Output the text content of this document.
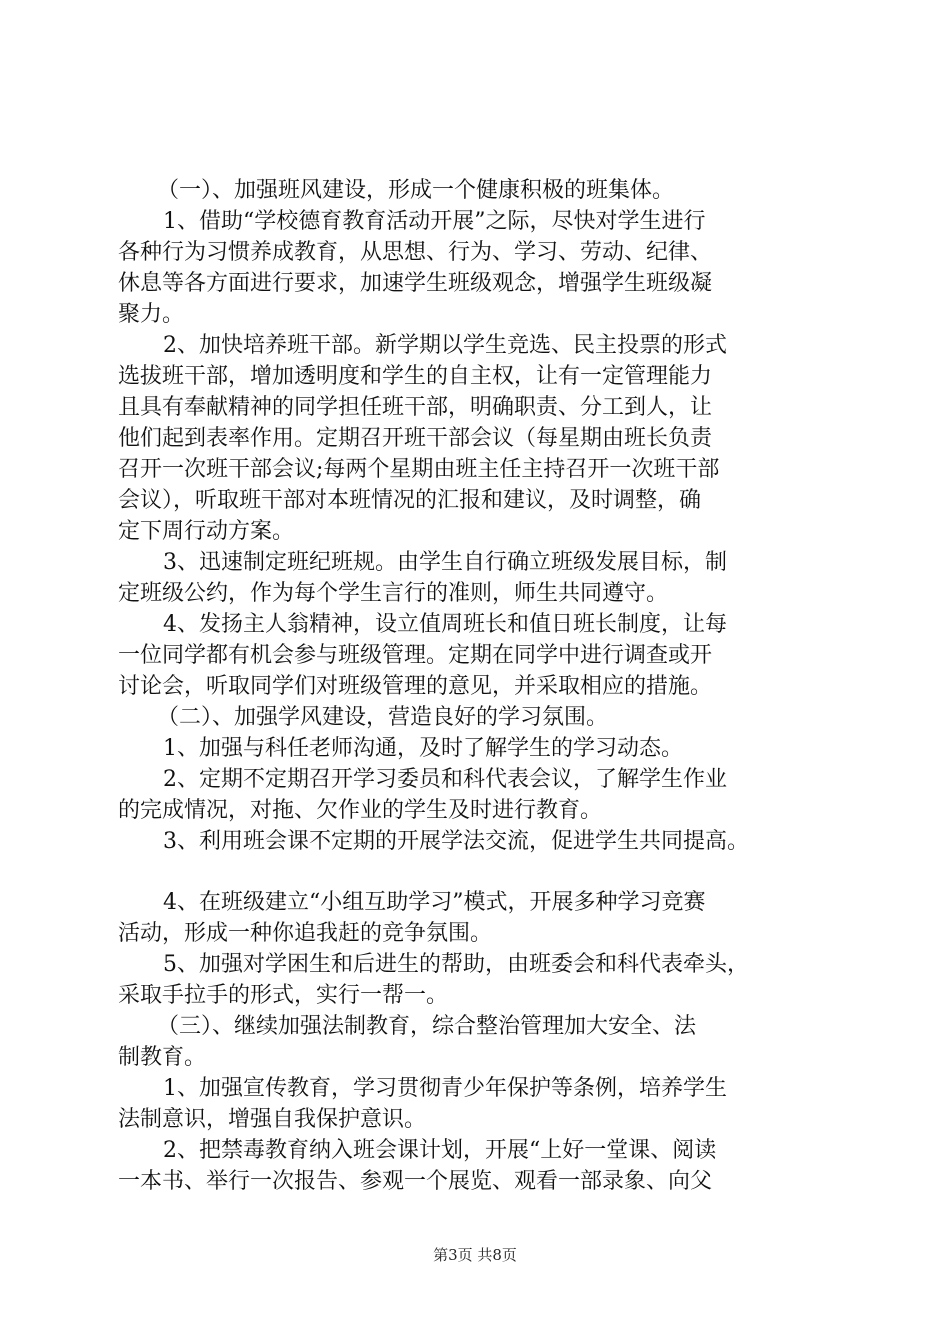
（一）、加强班风建设，形成一个健康积极的班集体。
1、借助“学校德育教育活动开展”之际，尽快对学生进行
各种行为习惯养成教育，从思想、行为、学习、劳动、纪律、
休息等各方面进行要求，加速学生班级观念，增强学生班级凝
聚力。
2、加快培养班干部。新学期以学生竞选、民主投票的形式
选拔班干部，增加透明度和学生的自主权，让有一定管理能力
且具有奉献精神的同学担任班干部，明确职责、分工到人，让
他们起到表率作用。定期召开班干部会议（每星期由班长负责
召开一次班干部会议;每两个星期由班主任主持召开一次班干部
会议），听取班干部对本班情况的汇报和建议，及时调整，确
定下周行动方案。
3、迅速制定班纪班规。由学生自行确立班级发展目标，制
定班级公约，作为每个学生言行的准则，师生共同遵守。
4、发扬主人翁精神，设立值周班长和值日班长制度，让每
一位同学都有机会参与班级管理。定期在同学中进行调查或开
讨论会，听取同学们对班级管理的意见，并采取相应的措施。
（二）、加强学风建设，营造良好的学习氛围。
1、加强与科任老师沟通，及时了解学生的学习动态。
2、定期不定期召开学习委员和科代表会议，了解学生作业
的完成情况，对拖、欠作业的学生及时进行教育。
3、利用班会课不定期的开展学法交流，促进学生共同提高。
4、在班级建立“小组互助学习”模式，开展多种学习竞赛
活动，形成一种你追我赶的竞争氛围。
5、加强对学困生和后进生的帮助，由班委会和科代表牵头，
采取手拉手的形式，实行一帮一。
（三）、继续加强法制教育，综合整治管理加大安全、法
制教育。
1、加强宣传教育，学习贯彻青少年保护等条例，培养学生
法制意识，增强自我保护意识。
2、把禁毒教育纳入班会课计划，开展“上好一堂课、阅读
一本书、举行一次报告、参观一个展览、观看一部录象、向父
第3页 共8页
